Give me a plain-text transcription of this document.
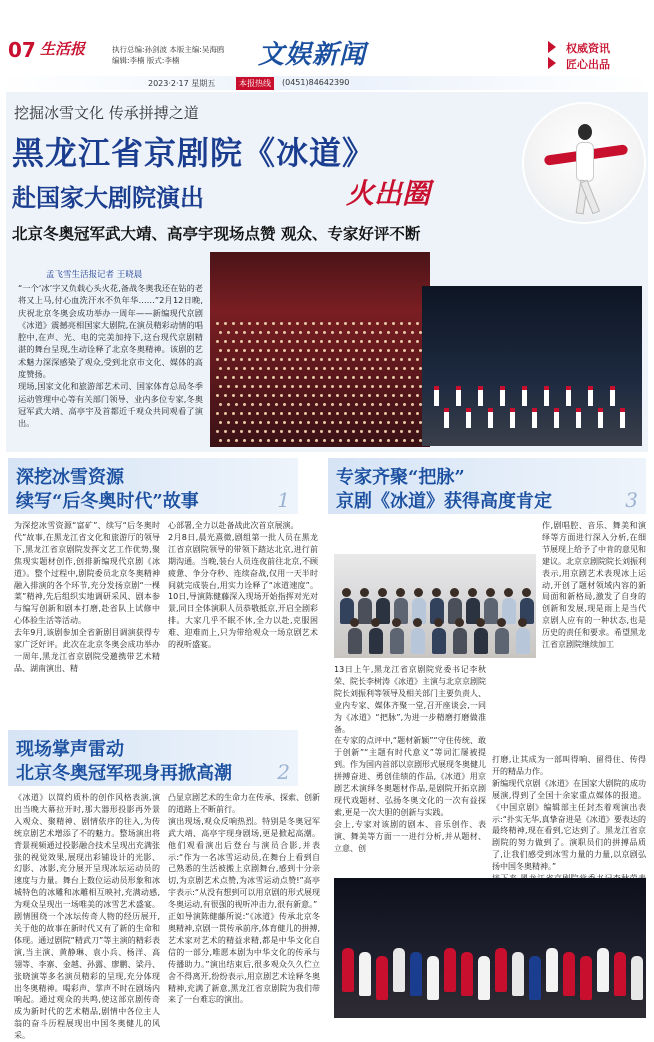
07 生活报	执行总编:孙剑波 本版主编:吴海鸥
编辑:李楠 版式:李楠	文娱新闻	权威资讯
匠心出品
2023·2·17 星期五	本报热线	(0451)84642390
挖掘冰雪文化 传承拼搏之道
黑龙江省京剧院《冰道》
赴国家大剧院演出	火出圈
北京冬奥冠军武大靖、高亭宇现场点赞 观众、专家好评不断
孟飞雪生活报记者 王晓晨
“一个‘冰’字又负载心头火花,备战冬奥我还在钻的老将又上马,付心血洗汗水不负年华……”2月12日晚,庆祝北京冬奥会成功举办一周年——新编现代京剧《冰道》震撼亮相国家大剧院,在演员精彩动情的唱腔中,在声、光、电的完美加持下,这台现代京剧精湛的舞台呈现,生动诠释了北京冬奥精神。该剧的艺术魅力深深感染了观众,受到北京市文化、媒体的高度赞扬。
现场,国家文化和旅游部艺术司、国家体育总局冬季运动管理中心等有关部门领导、业内多位专家,冬奥冠军武大靖、高亭宇及首都近千观众共同观看了演出。
深挖冰雪资源
续写“后冬奥时代”故事	1
为深挖冰雪资源“富矿”、续写“后冬奥时代”故事,在黑龙江省文化和旅游厅的领导下,黑龙江省京剧院发挥文艺工作优势,聚焦现实题材创作,创排新编现代京剧《冰道》。整个过程中,剧院委员北京冬奥精神融入排演的各个环节,充分发扬京剧“一棵菜”精神,先后组织实地调研采风、剧本参与编写创新和剧本打磨,赴省队上试修中心体验生活等活动。
去年9月,该剧参加全省新剧目调演获得专家广泛好评。此次在北京冬奥会成功举办一周年,黑龙江省京剧院受邀携带艺术精品、湖南演出、精
心部署,全力以赴备战此次首京展演。
2月8日,晨光熹微,剧组第一批人员在黑龙江省京剧院领导的带领下踏达北京,进行前期沟通。当晚,装台人员连夜前往北京,不顾疲惫、争分夺秒、连续奋战,仅用一天半时间就完成装台,用实力诠释了“冰道速度”。10日,导演陈健藤深入现场开始指挥对光对景,同日全体演职人员恭敬抵京,开启全剧彩排。大家几乎不眠不休,全力以赴,克服困难、迎难而上,只为带给观众一场京剧艺术的视听盛宴。
现场掌声雷动
北京冬奥冠军现身再掀高潮 2
《冰道》以简约质朴的创作风格表演,演出当晚大幕拉开时,那大器形投影再外景入观众、聚精神、剧情依序的往入,为传统京剧艺术增添了不的魅力。整场演出将背景视频通过投影融合技术呈现出充满张张的视觉效果,展现出彩铺设计的光影、幻影、冰影,充分展开呈现冰坛运动员的速度与力量。舞台上数位运动员形象和冰城特色的冰雕和冰雕相互映衬,充满动感,为观众呈现出一场唯美的冰雪艺术盛宴。剧情围绕一个冰坛传奇人物的经历展开,关于他的故事在新时代又有了新的生命和体现。通过剧院“精武刀”等主演的精彩表演,当主演、黄静琳、袁小兵、杨洋、高翎等、李寨、金越、孙露、廖鹏、梁丹、张晓演等多名演员精彩的呈现,充分体现出冬奥精神。喝彩声、掌声不时在剧场内响起。通过观众的共鸣,使这部京剧传奇成为新时代的艺术精品,剧情中各位主人翁的奋斗历程展现出中国冬奥健儿的风采。
凸显京剧艺术的生命力在传承、探索、创新的道路上不断前行。
演出现场,观众反响热烈。特别是冬奥冠军武大靖、高亭宇现身剧场,更是掀起高潮。他们观看演出后登台与演员合影,并表示:“作为一名冰雪运动员,在舞台上看到自己熟悉的生活被搬上京剧舞台,感到十分亲切,为京剧艺术点赞,为冰雪运动点赞!”高亭宇表示:“从没有想到可以用京剧的形式展现冬奥运动,有很强的视听冲击力,很有新意。”
正如导演陈健藤所说:“《冰道》传承北京冬奥精神,京剧一贯传承前序,体育健儿的拼搏,艺术家对艺术的精益求精,都是中华文化自信的一部分,唯愿本剧为中华文化的传承与传播助力。”演出结束后,很多观众久久伫立舍不得离开,纷纷表示,用京剧艺术诠释冬奥精神,充满了新意,黑龙江省京剧院为我们带来了一台难忘的演出。
专家齐聚“把脉”
京剧《冰道》获得高度肯定	3
作,剧唱腔、音乐、舞美和演绎等方面进行深入分析,在细节展现上给予了中肯的意见和建议。北京京剧院院长刘振利表示,用京剧艺术表现冰上运动,开创了题材领域内容的新局面和新格局,激发了自身的创新和发展,现是雨上是当代京剧人应有的一种状态,也是历史的责任和要求。希望黑龙江省京剧院继续加工
13日上午,黑龙江省京剧院党委书记李秋荣、院长李树涛《冰道》主演与北京京剧院院长刘振利等领导及相关部门主要负责人、业内专家、媒体齐聚一堂,召开座谈会,一同为《冰道》“把脉”,为进一步精磨打磨做准备。
在专家的点评中,“题材新颖”“守住传统、敢于创新”“主题有时代意义”等词汇屡被提到。作为国内首部以京剧形式展现冬奥健儿拼搏奋进、勇创佳绩的作品,《冰道》用京剧艺术演绎冬奥题材作品,是剧院开拓京剧现代戏题材、弘扬冬奥文化的一次有益探索,更是一次大胆的创新与实践。
会上,专家对该剧的剧本、音乐创作、表演、舞美等方面一一进行分析,并从题材、立意、创
打磨,让其成为一部叫得响、留得住、传得开的精品力作。
新编现代京剧《冰道》在国家大剧院的成功展演,得到了全国十余家重点媒体的报道。《中国京剧》编辑部主任封杰着观演出表示:“扑实无华,真挚奋进是《冰道》要表达的最终精神,现在看到,它达到了。黑龙江省京剧院的努力做到了。演职员们的拼搏品质了,让我们感受到冰雪力量的力量,以京剧弘扬中国冬奥精神。”
